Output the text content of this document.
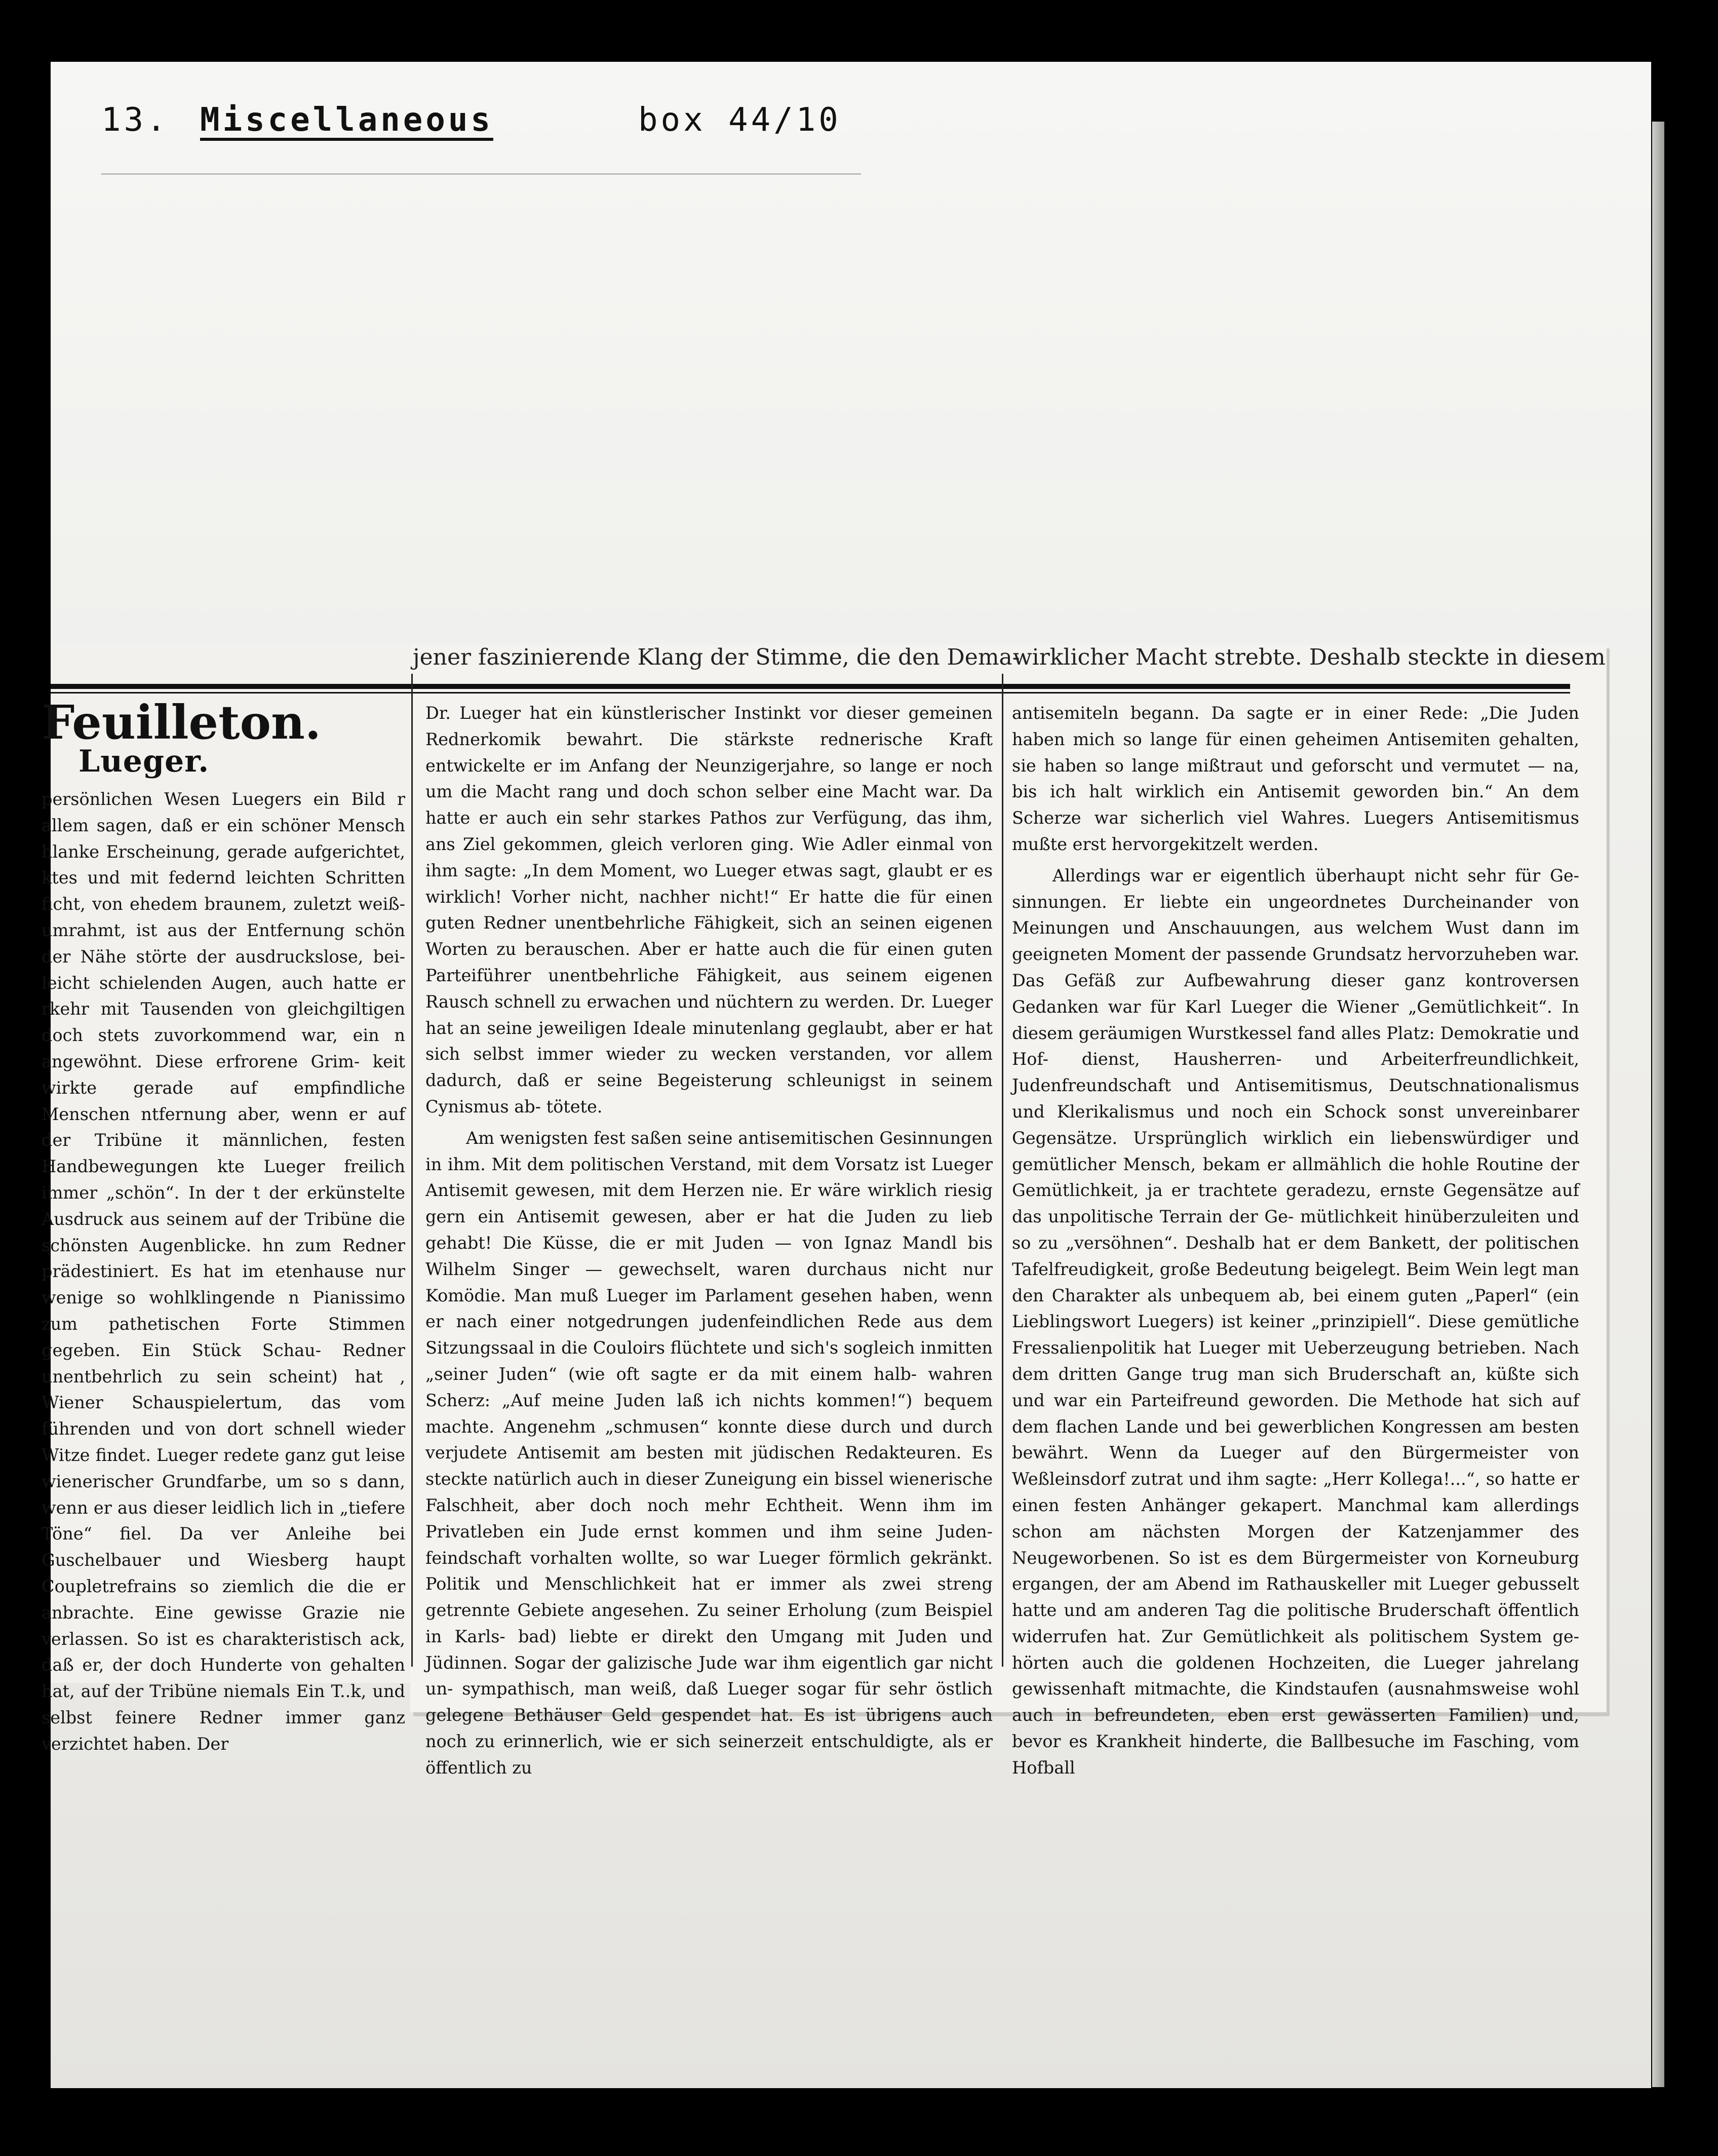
13. Miscellaneous	box 44/10
jener faszinierende Klang der Stimme, die den Dema-
wirklicher Macht strebte. Deshalb steckte in diesem
Feuilleton.
Lueger.

persönlichen Wesen Luegers ein Bild r allem sagen, daß er ein schöner Mensch hlanke Erscheinung, gerade aufgerichtet, ktes und mit federnd leichten Schritten ficht, von ehedem braunem, zuletzt weiß- umrahmt, ist aus der Entfernung schön der Nähe störte der ausdruckslose, bei- leicht schielenden Augen, auch hatte er rkehr mit Tausenden von gleichgiltigen doch stets zuvorkommend war, ein n angewöhnt. Diese erfrorene Grim- keit wirkte gerade auf empfindliche Menschen ntfernung aber, wenn er auf der Tribüne it männlichen, festen Handbewegungen kte Lueger freilich immer „schön“. In der t der erkünstelte Ausdruck aus seinem auf der Tribüne die schönsten Augenblicke. hn zum Redner prädestiniert. Es hat im etenhause nur wenige so wohlklingende n Pianissimo zum pathetischen Forte Stimmen gegeben. Ein Stück Schau- Redner unentbehrlich zu sein scheint) hat , Wiener Schauspielertum, das vom führenden und von dort schnell wieder Witze findet. Lueger redete ganz gut leise wienerischer Grundfarbe, um so s dann, wenn er aus dieser leidlich lich in „tiefere Töne“ fiel. Da ver Anleihe bei Guschelbauer und Wiesberg haupt Coupletrefrains so ziemlich die die er anbrachte. Eine gewisse Grazie nie verlassen. So ist es charakteristisch ack, daß er, der doch Hunderte von gehalten hat, auf der Tribüne niemals Ein T..k, und selbst feinere Redner immer ganz verzichtet haben. Der

Dr. Lueger hat ein künstlerischer Instinkt vor dieser gemeinen Rednerkomik bewahrt. Die stärkste rednerische Kraft entwickelte er im Anfang der Neunzigerjahre, so lange er noch um die Macht rang und doch schon selber eine Macht war. Da hatte er auch ein sehr starkes Pathos zur Verfügung, das ihm, ans Ziel gekommen, gleich verloren ging. Wie Adler einmal von ihm sagte: „In dem Moment, wo Lueger etwas sagt, glaubt er es wirklich! Vorher nicht, nachher nicht!“ Er hatte die für einen guten Redner unentbehrliche Fähigkeit, sich an seinen eigenen Worten zu berauschen. Aber er hatte auch die für einen guten Parteiführer unentbehrliche Fähigkeit, aus seinem eigenen Rausch schnell zu erwachen und nüchtern zu werden. Dr. Lueger hat an seine jeweiligen Ideale minutenlang geglaubt, aber er hat sich selbst immer wieder zu wecken verstanden, vor allem dadurch, daß er seine Begeisterung schleunigst in seinem Cynismus ab- tötete.

Am wenigsten fest saßen seine antisemitischen Gesinnungen in ihm. Mit dem politischen Verstand, mit dem Vorsatz ist Lueger Antisemit gewesen, mit dem Herzen nie. Er wäre wirklich riesig gern ein Antisemit gewesen, aber er hat die Juden zu lieb gehabt! Die Küsse, die er mit Juden — von Ignaz Mandl bis Wilhelm Singer — gewechselt, waren durchaus nicht nur Komödie. Man muß Lueger im Parlament gesehen haben, wenn er nach einer notgedrungen judenfeindlichen Rede aus dem Sitzungssaal in die Couloirs flüchtete und sich's sogleich inmitten „seiner Juden“ (wie oft sagte er da mit einem halb- wahren Scherz: „Auf meine Juden laß ich nichts kommen!“) bequem machte. Angenehm „schmusen“ konnte diese durch und durch verjudete Antisemit am besten mit jüdischen Redakteuren. Es steckte natürlich auch in dieser Zuneigung ein bissel wienerische Falschheit, aber doch noch mehr Echtheit. Wenn ihm im Privatleben ein Jude ernst kommen und ihm seine Juden- feindschaft vorhalten wollte, so war Lueger förmlich gekränkt. Politik und Menschlichkeit hat er immer als zwei streng getrennte Gebiete angesehen. Zu seiner Erholung (zum Beispiel in Karls- bad) liebte er direkt den Umgang mit Juden und Jüdinnen. Sogar der galizische Jude war ihm eigentlich gar nicht un- sympathisch, man weiß, daß Lueger sogar für sehr östlich gelegene Bethäuser Geld gespendet hat. Es ist übrigens auch noch zu erinnerlich, wie er sich seinerzeit entschuldigte, als er öffentlich zu

antisemiteln begann. Da sagte er in einer Rede: „Die Juden haben mich so lange für einen geheimen Antisemiten gehalten, sie haben so lange mißtraut und geforscht und vermutet — na, bis ich halt wirklich ein Antisemit geworden bin.“ An dem Scherze war sicherlich viel Wahres. Luegers Antisemitismus mußte erst hervorgekitzelt werden.

Allerdings war er eigentlich überhaupt nicht sehr für Ge- sinnungen. Er liebte ein ungeordnetes Durcheinander von Meinungen und Anschauungen, aus welchem Wust dann im geeigneten Moment der passende Grundsatz hervorzuheben war. Das Gefäß zur Aufbewahrung dieser ganz kontroversen Gedanken war für Karl Lueger die Wiener „Gemütlichkeit“. In diesem geräumigen Wurstkessel fand alles Platz: Demokratie und Hof- dienst, Hausherren- und Arbeiterfreundlichkeit, Judenfreundschaft und Antisemitismus, Deutschnationalismus und Klerikalismus und noch ein Schock sonst unvereinbarer Gegensätze. Ursprünglich wirklich ein liebenswürdiger und gemütlicher Mensch, bekam er allmählich die hohle Routine der Gemütlichkeit, ja er trachtete geradezu, ernste Gegensätze auf das unpolitische Terrain der Ge- mütlichkeit hinüberzuleiten und so zu „versöhnen“. Deshalb hat er dem Bankett, der politischen Tafelfreudigkeit, große Bedeutung beigelegt. Beim Wein legt man den Charakter als unbequem ab, bei einem guten „Paperl“ (ein Lieblingswort Luegers) ist keiner „prinzipiell“. Diese gemütliche Fressalienpolitik hat Lueger mit Ueberzeugung betrieben. Nach dem dritten Gange trug man sich Bruderschaft an, küßte sich und war ein Parteifreund geworden. Die Methode hat sich auf dem flachen Lande und bei gewerblichen Kongressen am besten bewährt. Wenn da Lueger auf den Bürgermeister von Weßleinsdorf zutrat und ihm sagte: „Herr Kollega!...“, so hatte er einen festen Anhänger gekapert. Manchmal kam allerdings schon am nächsten Morgen der Katzenjammer des Neugeworbenen. So ist es dem Bürgermeister von Korneuburg ergangen, der am Abend im Rathauskeller mit Lueger gebusselt hatte und am anderen Tag die politische Bruderschaft öffentlich widerrufen hat. Zur Gemütlichkeit als politischem System ge- hörten auch die goldenen Hochzeiten, die Lueger jahrelang gewissenhaft mitmachte, die Kindstaufen (ausnahmsweise wohl auch in befreundeten, eben erst gewässerten Familien) und, bevor es Krankheit hinderte, die Ballbesuche im Fasching, vom Hofball
